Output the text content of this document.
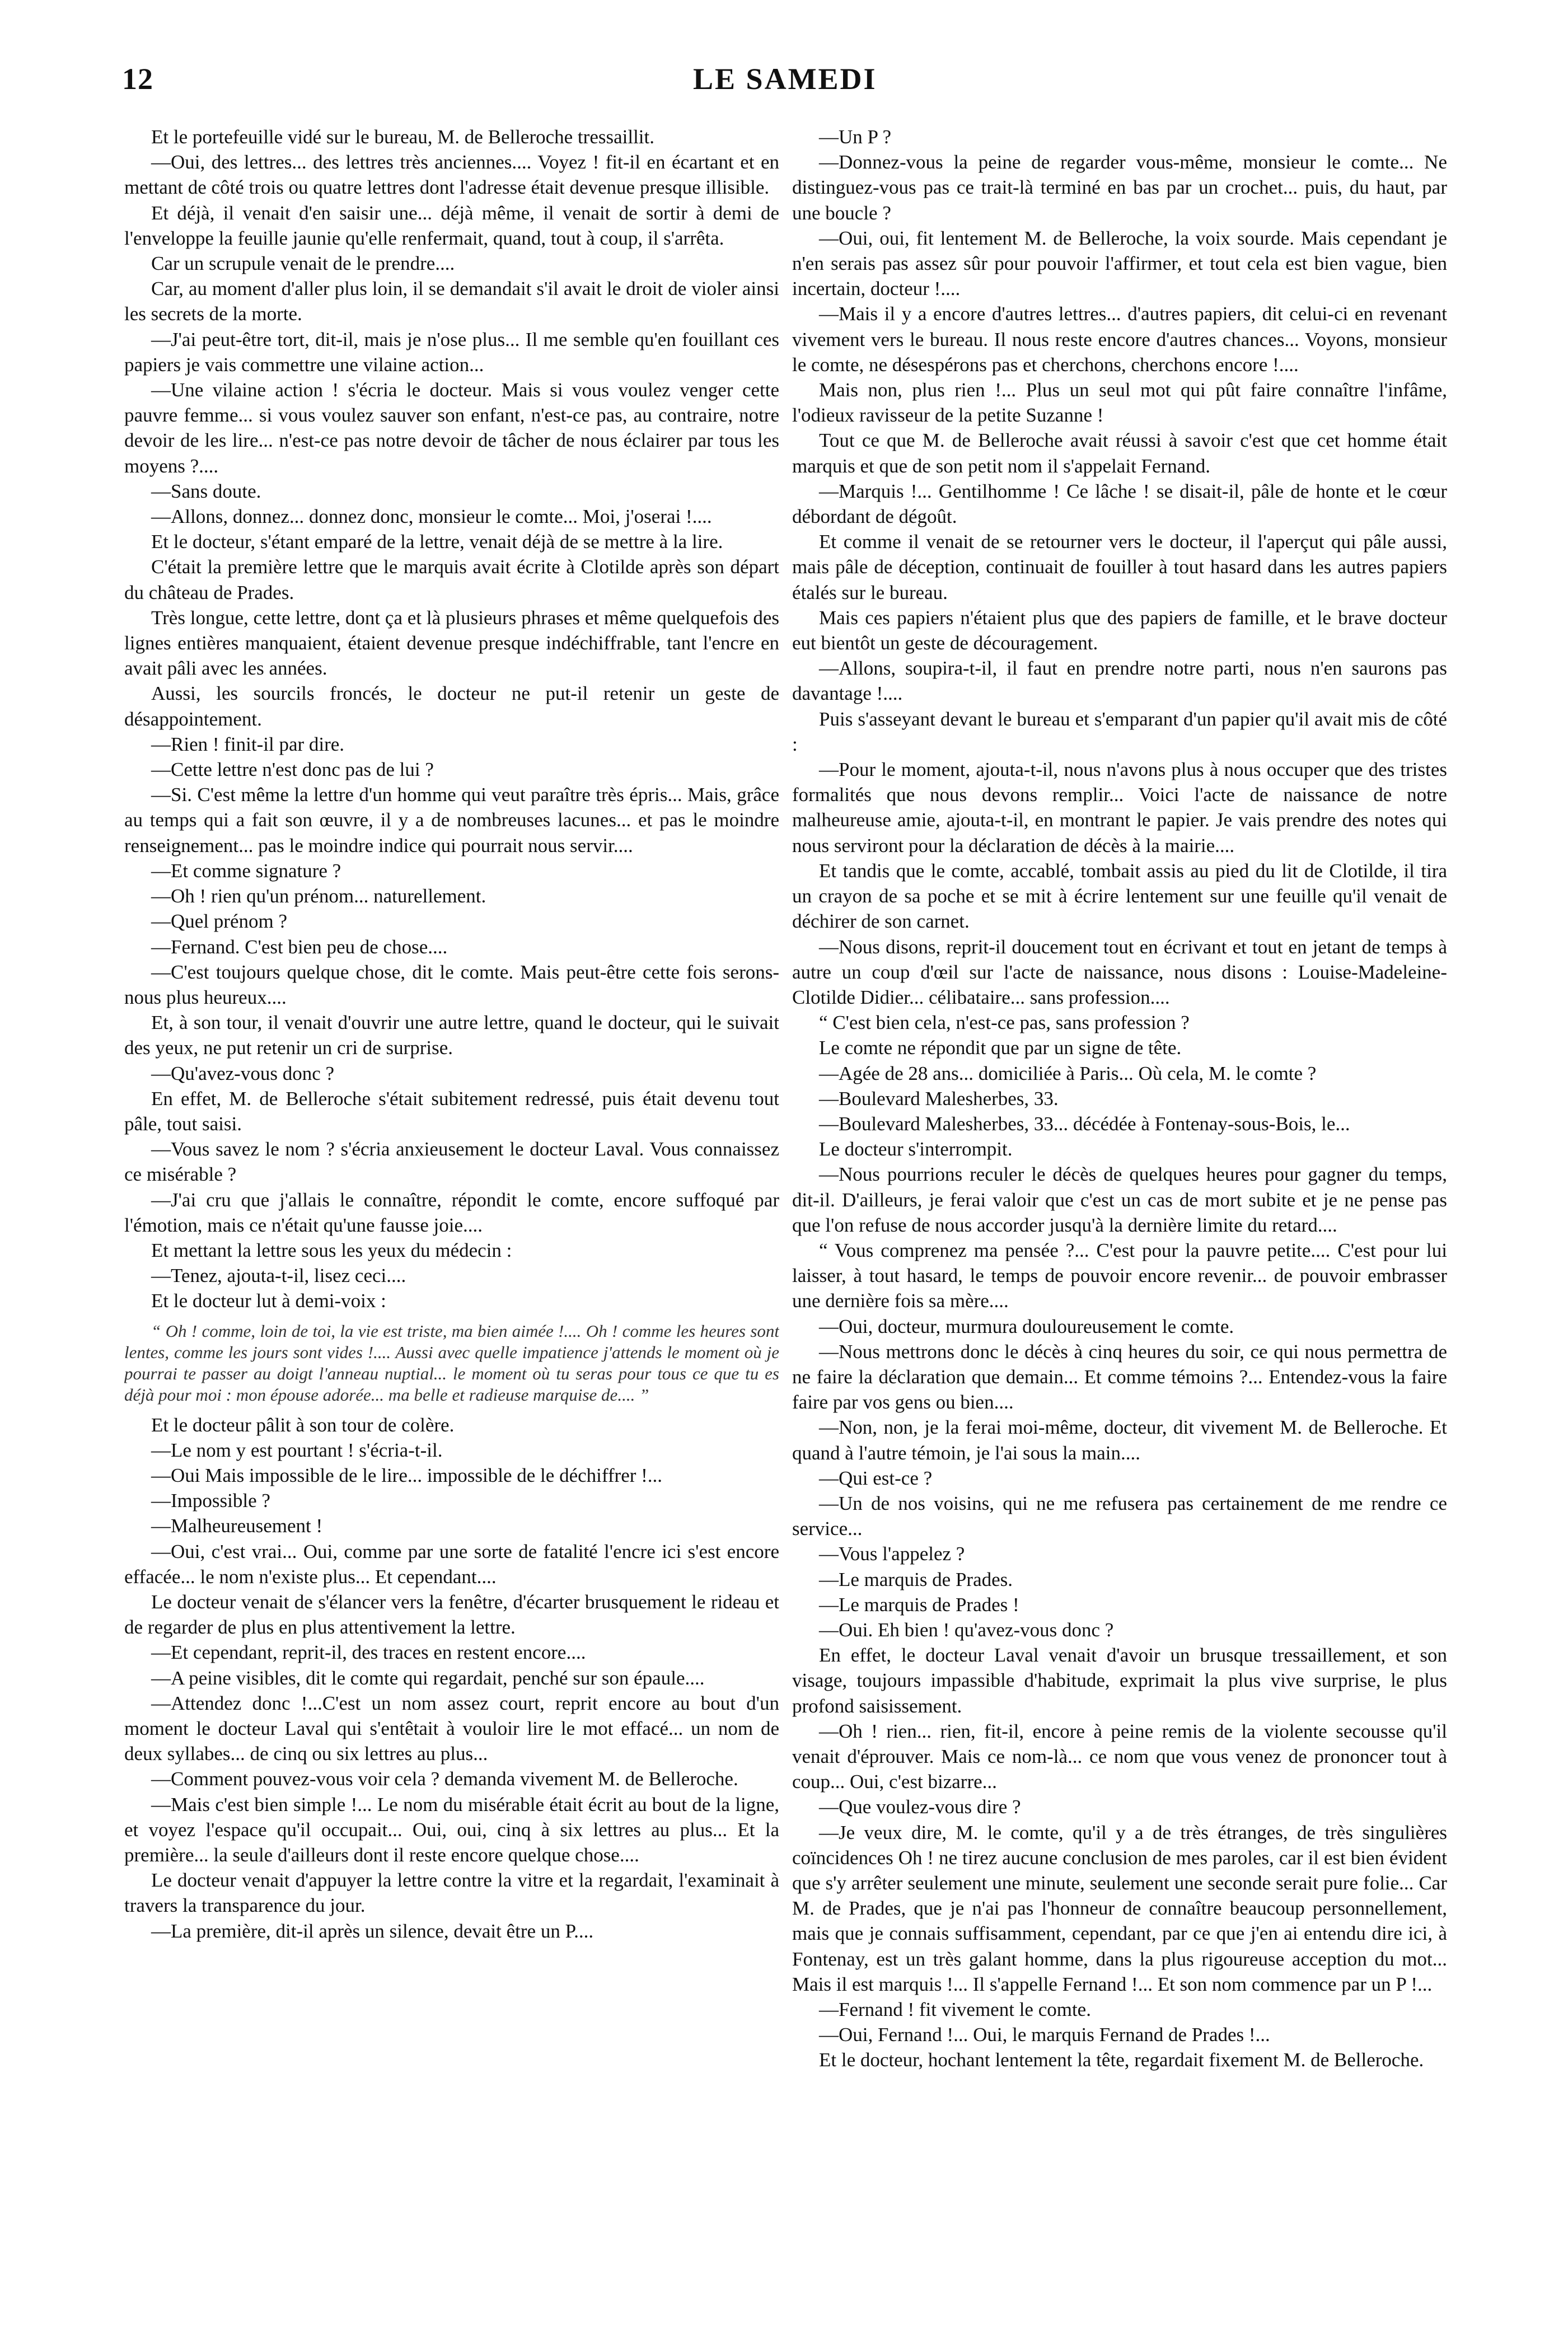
12	LE SAMEDI

Et le portefeuille vidé sur le bureau, M. de Belleroche tressaillit.

—Oui, des lettres... des lettres très anciennes.... Voyez ! fit-il en écartant et en mettant de côté trois ou quatre lettres dont l'adresse était devenue presque illisible.

Et déjà, il venait d'en saisir une... déjà même, il venait de sortir à demi de l'enveloppe la feuille jaunie qu'elle renfermait, quand, tout à coup, il s'arrêta.

Car un scrupule venait de le prendre....

Car, au moment d'aller plus loin, il se demandait s'il avait le droit de violer ainsi les secrets de la morte.

—J'ai peut-être tort, dit-il, mais je n'ose plus... Il me semble qu'en fouillant ces papiers je vais commettre une vilaine action...

—Une vilaine action ! s'écria le docteur. Mais si vous voulez venger cette pauvre femme... si vous voulez sauver son enfant, n'est-ce pas, au contraire, notre devoir de les lire... n'est-ce pas notre devoir de tâcher de nous éclairer par tous les moyens ?....

—Sans doute.

—Allons, donnez... donnez donc, monsieur le comte... Moi, j'oserai !....

Et le docteur, s'étant emparé de la lettre, venait déjà de se mettre à la lire.

C'était la première lettre que le marquis avait écrite à Clotilde après son départ du château de Prades.

Très longue, cette lettre, dont ça et là plusieurs phrases et même quelquefois des lignes entières manquaient, étaient devenue presque indéchiffrable, tant l'encre en avait pâli avec les années.

Aussi, les sourcils froncés, le docteur ne put-il retenir un geste de désappointement.

—Rien ! finit-il par dire.

—Cette lettre n'est donc pas de lui ?

—Si. C'est même la lettre d'un homme qui veut paraître très épris... Mais, grâce au temps qui a fait son œuvre, il y a de nombreuses lacunes... et pas le moindre renseignement... pas le moindre indice qui pourrait nous servir....

—Et comme signature ?

—Oh ! rien qu'un prénom... naturellement.

—Quel prénom ?

—Fernand. C'est bien peu de chose....

—C'est toujours quelque chose, dit le comte. Mais peut-être cette fois serons-nous plus heureux....

Et, à son tour, il venait d'ouvrir une autre lettre, quand le docteur, qui le suivait des yeux, ne put retenir un cri de surprise.

—Qu'avez-vous donc ?

En effet, M. de Belleroche s'était subitement redressé, puis était devenu tout pâle, tout saisi.

—Vous savez le nom ? s'écria anxieusement le docteur Laval. Vous connaissez ce misérable ?

—J'ai cru que j'allais le connaître, répondit le comte, encore suffoqué par l'émotion, mais ce n'était qu'une fausse joie....

Et mettant la lettre sous les yeux du médecin :

—Tenez, ajouta-t-il, lisez ceci....

Et le docteur lut à demi-voix :

“ Oh ! comme, loin de toi, la vie est triste, ma bien aimée !.... Oh ! comme les heures sont lentes, comme les jours sont vides !.... Aussi avec quelle impatience j'attends le moment où je pourrai te passer au doigt l'anneau nuptial... le moment où tu seras pour tous ce que tu es déjà pour moi : mon épouse adorée... ma belle et radieuse marquise de.... ”

Et le docteur pâlit à son tour de colère.

—Le nom y est pourtant ! s'écria-t-il.

—Oui Mais impossible de le lire... impossible de le déchiffrer !...

—Impossible ?

—Malheureusement !

—Oui, c'est vrai... Oui, comme par une sorte de fatalité l'encre ici s'est encore effacée... le nom n'existe plus... Et cependant....

Le docteur venait de s'élancer vers la fenêtre, d'écarter brusquement le rideau et de regarder de plus en plus attentivement la lettre.

—Et cependant, reprit-il, des traces en restent encore....

—A peine visibles, dit le comte qui regardait, penché sur son épaule....

—Attendez donc !...C'est un nom assez court, reprit encore au bout d'un moment le docteur Laval qui s'entêtait à vouloir lire le mot effacé... un nom de deux syllabes... de cinq ou six lettres au plus...

—Comment pouvez-vous voir cela ? demanda vivement M. de Belleroche.

—Mais c'est bien simple !... Le nom du misérable était écrit au bout de la ligne, et voyez l'espace qu'il occupait... Oui, oui, cinq à six lettres au plus... Et la première... la seule d'ailleurs dont il reste encore quelque chose....

Le docteur venait d'appuyer la lettre contre la vitre et la regardait, l'examinait à travers la transparence du jour.

—La première, dit-il après un silence, devait être un P....

—Un P ?

—Donnez-vous la peine de regarder vous-même, monsieur le comte... Ne distinguez-vous pas ce trait-là terminé en bas par un crochet... puis, du haut, par une boucle ?

—Oui, oui, fit lentement M. de Belleroche, la voix sourde. Mais cependant je n'en serais pas assez sûr pour pouvoir l'affirmer, et tout cela est bien vague, bien incertain, docteur !....

—Mais il y a encore d'autres lettres... d'autres papiers, dit celui-ci en revenant vivement vers le bureau. Il nous reste encore d'autres chances... Voyons, monsieur le comte, ne désespérons pas et cherchons, cherchons encore !....

Mais non, plus rien !... Plus un seul mot qui pût faire connaître l'infâme, l'odieux ravisseur de la petite Suzanne !

Tout ce que M. de Belleroche avait réussi à savoir c'est que cet homme était marquis et que de son petit nom il s'appelait Fernand.

—Marquis !... Gentilhomme ! Ce lâche ! se disait-il, pâle de honte et le cœur débordant de dégoût.

Et comme il venait de se retourner vers le docteur, il l'aperçut qui pâle aussi, mais pâle de déception, continuait de fouiller à tout hasard dans les autres papiers étalés sur le bureau.

Mais ces papiers n'étaient plus que des papiers de famille, et le brave docteur eut bientôt un geste de découragement.

—Allons, soupira-t-il, il faut en prendre notre parti, nous n'en saurons pas davantage !....

Puis s'asseyant devant le bureau et s'emparant d'un papier qu'il avait mis de côté :

—Pour le moment, ajouta-t-il, nous n'avons plus à nous occuper que des tristes formalités que nous devons remplir... Voici l'acte de naissance de notre malheureuse amie, ajouta-t-il, en montrant le papier. Je vais prendre des notes qui nous serviront pour la déclaration de décès à la mairie....

Et tandis que le comte, accablé, tombait assis au pied du lit de Clotilde, il tira un crayon de sa poche et se mit à écrire lentement sur une feuille qu'il venait de déchirer de son carnet.

—Nous disons, reprit-il doucement tout en écrivant et tout en jetant de temps à autre un coup d'œil sur l'acte de naissance, nous disons : Louise-Madeleine-Clotilde Didier... célibataire... sans profession....

“ C'est bien cela, n'est-ce pas, sans profession ?

Le comte ne répondit que par un signe de tête.

—Agée de 28 ans... domiciliée à Paris... Où cela, M. le comte ?

—Boulevard Malesherbes, 33.

—Boulevard Malesherbes, 33... décédée à Fontenay-sous-Bois, le...

Le docteur s'interrompit.

—Nous pourrions reculer le décès de quelques heures pour gagner du temps, dit-il. D'ailleurs, je ferai valoir que c'est un cas de mort subite et je ne pense pas que l'on refuse de nous accorder jusqu'à la dernière limite du retard....

“ Vous comprenez ma pensée ?... C'est pour la pauvre petite.... C'est pour lui laisser, à tout hasard, le temps de pouvoir encore revenir... de pouvoir embrasser une dernière fois sa mère....

—Oui, docteur, murmura douloureusement le comte.

—Nous mettrons donc le décès à cinq heures du soir, ce qui nous permettra de ne faire la déclaration que demain... Et comme témoins ?... Entendez-vous la faire faire par vos gens ou bien....

—Non, non, je la ferai moi-même, docteur, dit vivement M. de Belleroche. Et quand à l'autre témoin, je l'ai sous la main....

—Qui est-ce ?

—Un de nos voisins, qui ne me refusera pas certainement de me rendre ce service...

—Vous l'appelez ?

—Le marquis de Prades.

—Le marquis de Prades !

—Oui. Eh bien ! qu'avez-vous donc ?

En effet, le docteur Laval venait d'avoir un brusque tressaillement, et son visage, toujours impassible d'habitude, exprimait la plus vive surprise, le plus profond saisissement.

—Oh ! rien... rien, fit-il, encore à peine remis de la violente secousse qu'il venait d'éprouver. Mais ce nom-là... ce nom que vous venez de prononcer tout à coup... Oui, c'est bizarre...

—Que voulez-vous dire ?

—Je veux dire, M. le comte, qu'il y a de très étranges, de très singulières coïncidences Oh ! ne tirez aucune conclusion de mes paroles, car il est bien évident que s'y arrêter seulement une minute, seulement une seconde serait pure folie... Car M. de Prades, que je n'ai pas l'honneur de connaître beaucoup personnellement, mais que je connais suffisamment, cependant, par ce que j'en ai entendu dire ici, à Fontenay, est un très galant homme, dans la plus rigoureuse acception du mot... Mais il est marquis !... Il s'appelle Fernand !... Et son nom commence par un P !...

—Fernand ! fit vivement le comte.

—Oui, Fernand !... Oui, le marquis Fernand de Prades !...

Et le docteur, hochant lentement la tête, regardait fixement M. de Belleroche.
